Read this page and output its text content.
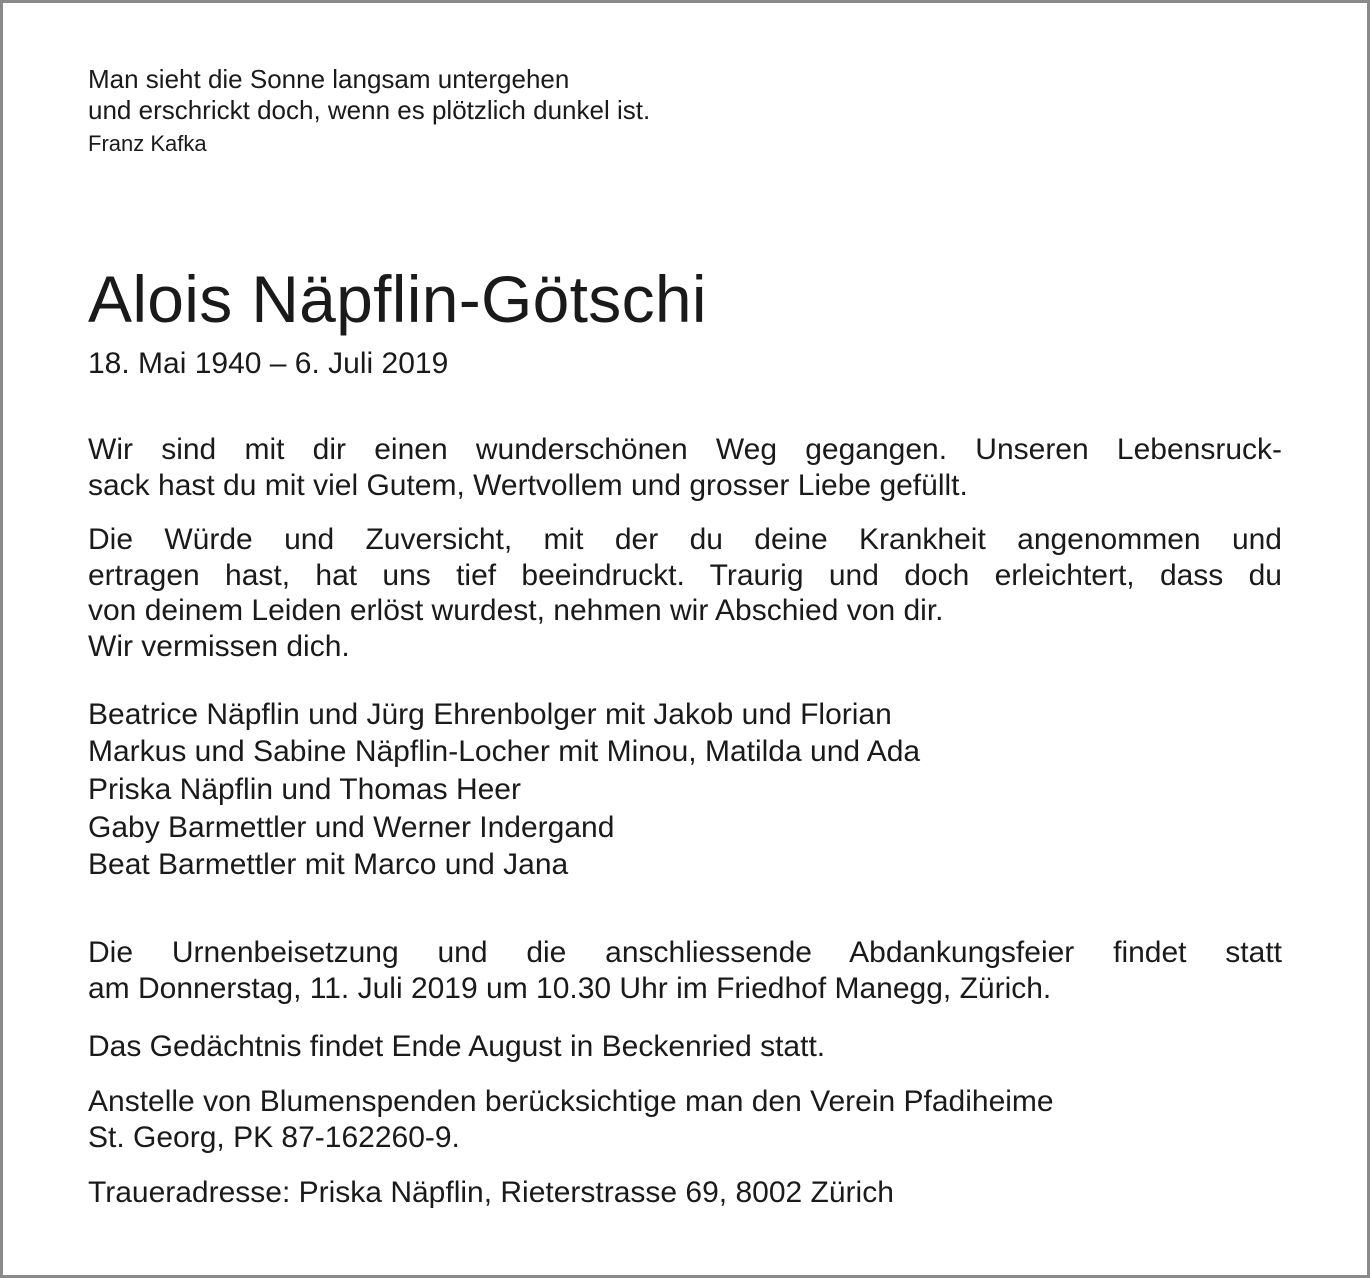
Man sieht die Sonne langsam untergehen
und erschrickt doch, wenn es plötzlich dunkel ist.
Franz Kafka
Alois Näpflin-Götschi
18. Mai 1940 – 6. Juli 2019
Wir sind mit dir einen wunderschönen Weg gegangen. Unseren Lebensruck-
sack hast du mit viel Gutem, Wertvollem und grosser Liebe gefüllt.
Die Würde und Zuversicht, mit der du deine Krankheit angenommen und
ertragen hast, hat uns tief beeindruckt. Traurig und doch erleichtert, dass du
von deinem Leiden erlöst wurdest, nehmen wir Abschied von dir.
Wir vermissen dich.
Beatrice Näpflin und Jürg Ehrenbolger mit Jakob und Florian
Markus und Sabine Näpflin-Locher mit Minou, Matilda und Ada
Priska Näpflin und Thomas Heer
Gaby Barmettler und Werner Indergand
Beat Barmettler mit Marco und Jana
Die Urnenbeisetzung und die anschliessende Abdankungsfeier findet statt
am Donnerstag, 11. Juli 2019 um 10.30 Uhr im Friedhof Manegg, Zürich.
Das Gedächtnis findet Ende August in Beckenried statt.
Anstelle von Blumenspenden berücksichtige man den Verein Pfadiheime
St. Georg, PK 87-162260-9.
Traueradresse: Priska Näpflin, Rieterstrasse 69, 8002 Zürich
